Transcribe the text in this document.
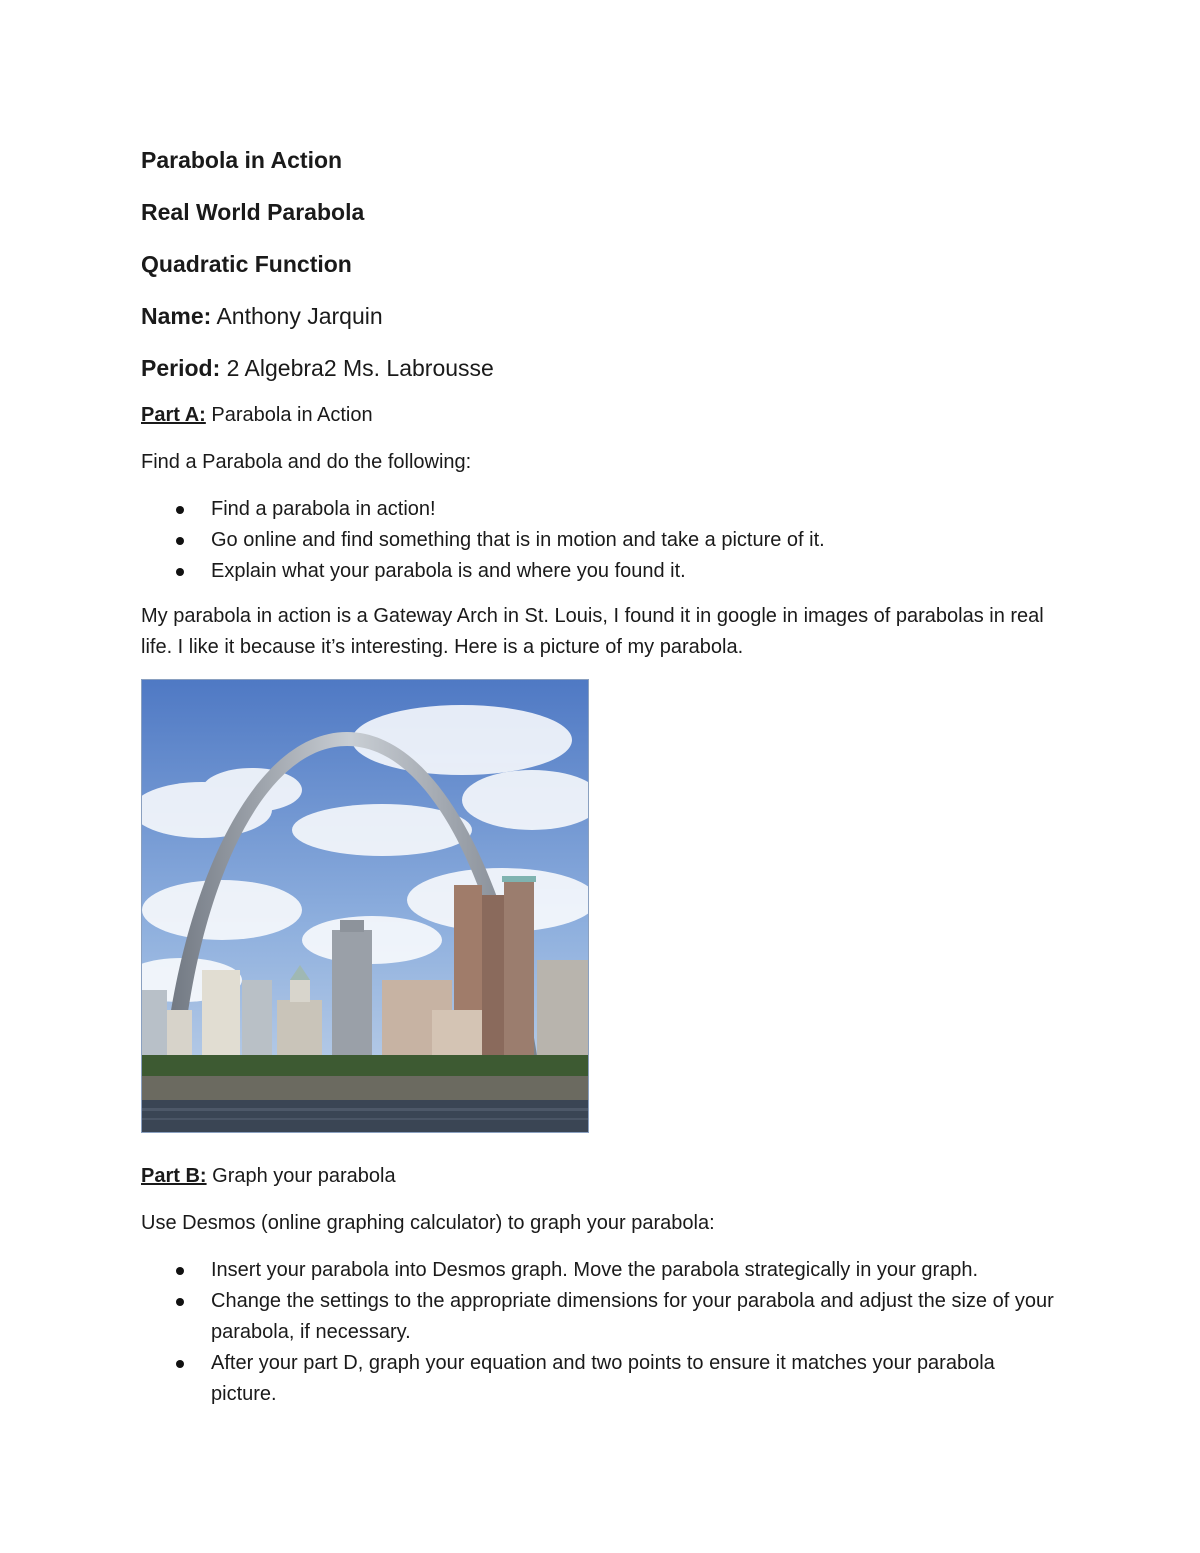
Parabola in Action

Real World Parabola

Quadratic Function

Name: Anthony Jarquin

Period: 2 Algebra2 Ms. Labrousse

Part A: Parabola in Action

Find a Parabola and do the following:

Find a parabola in action!
Go online and find something that is in motion and take a picture of it.
Explain what your parabola is and where you found it.

My parabola in action is a Gateway Arch in St. Louis, I found it in google in images of parabolas in real life. I like it because it’s interesting. Here is a picture of my parabola.

Part B: Graph your parabola

Use Desmos (online graphing calculator) to graph your parabola:

Insert your parabola into Desmos graph. Move the parabola strategically in your graph.
Change the settings to the appropriate dimensions for your parabola and adjust the size of your parabola, if necessary.
After your part D, graph your equation and two points to ensure it matches your parabola picture.
